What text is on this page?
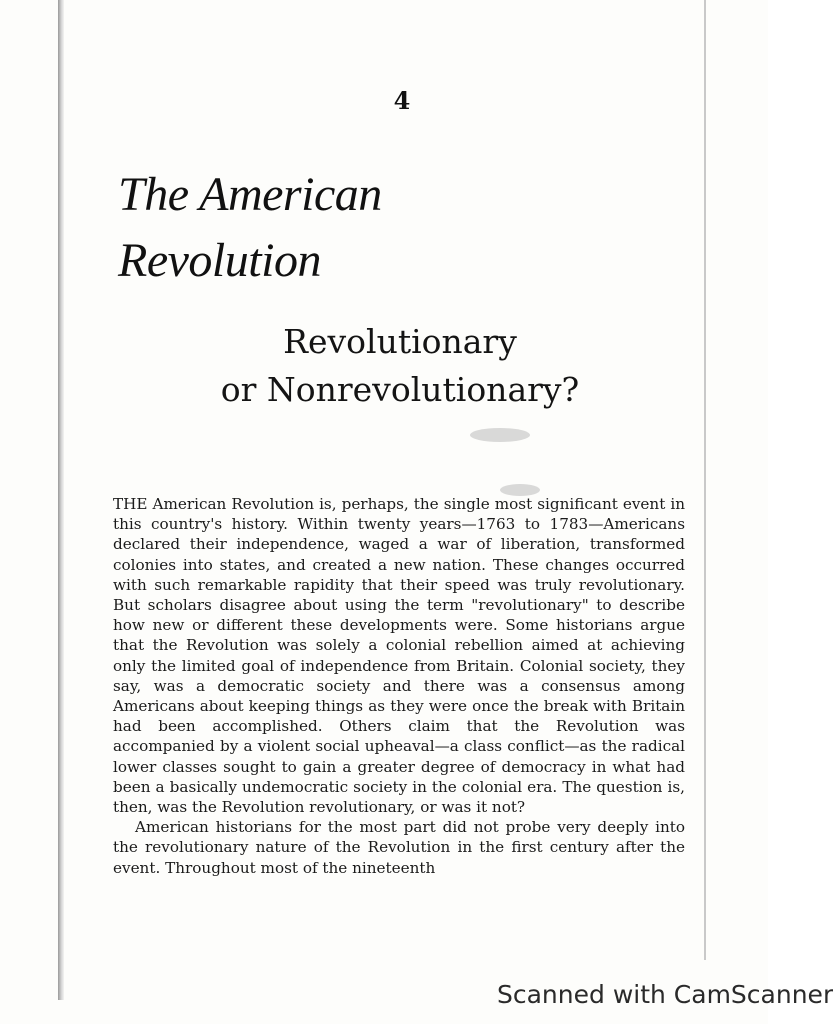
4
The American Revolution
Revolutionary
or Nonrevolutionary?

THE American Revolution is, perhaps, the single most significant event in this country's history. Within twenty years—1763 to 1783—Americans declared their independence, waged a war of liberation, transformed colonies into states, and created a new nation. These changes occurred with such remarkable rapidity that their speed was truly revolutionary. But scholars disagree about using the term "revolutionary" to describe how new or different these developments were. Some historians argue that the Revolution was solely a colonial rebellion aimed at achieving only the limited goal of independence from Britain. Colonial society, they say, was a democratic society and there was a consensus among Americans about keeping things as they were once the break with Britain had been accomplished. Others claim that the Revolution was accompanied by a violent social upheaval—a class conflict—as the radical lower classes sought to gain a greater degree of democracy in what had been a basically undemocratic society in the colonial era. The question is, then, was the Revolution revolutionary, or was it not?

American historians for the most part did not probe very deeply into the revolutionary nature of the Revolution in the first century after the event. Throughout most of the nineteenth

Scanned with CamScanner
